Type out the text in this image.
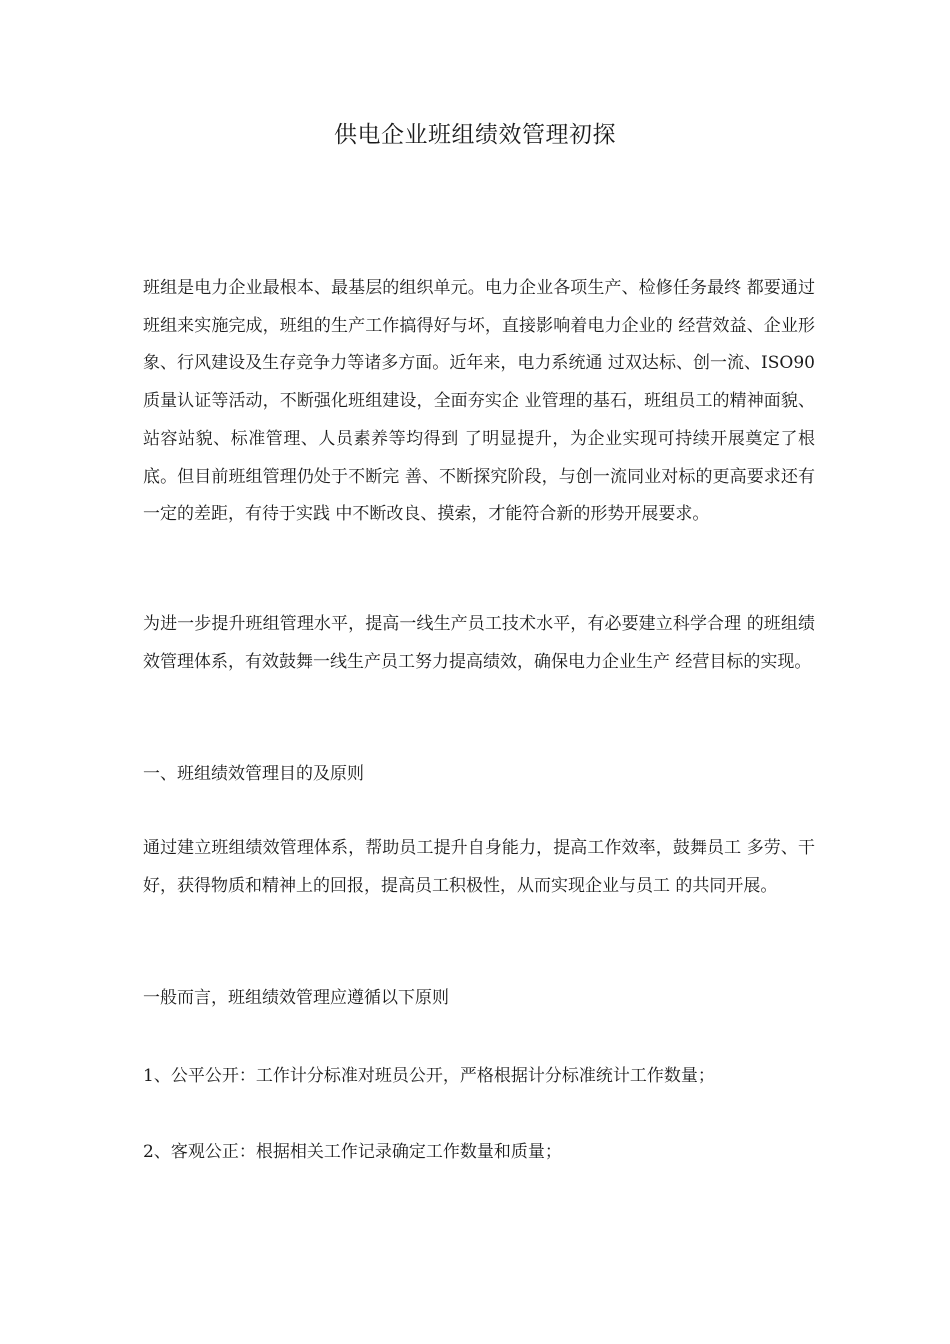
供电企业班组绩效管理初探

班组是电力企业最根本、最基层的组织单元。电力企业各项生产、检修任务最终 都要通过班组来实施完成，班组的生产工作搞得好与坏，直接影响着电力企业的 经营效益、企业形象、行风建设及生存竞争力等诸多方面。近年来，电力系统通 过双达标、创一流、ISO90质量认证等活动，不断强化班组建设，全面夯实企 业管理的基石，班组员工的精神面貌、站容站貌、标准管理、人员素养等均得到 了明显提升，为企业实现可持续开展奠定了根底。但目前班组管理仍处于不断完 善、不断探究阶段，与创一流同业对标的更高要求还有一定的差距，有待于实践 中不断改良、摸索，才能符合新的形势开展要求。

为进一步提升班组管理水平，提高一线生产员工技术水平，有必要建立科学合理 的班组绩效管理体系，有效鼓舞一线生产员工努力提高绩效，确保电力企业生产 经营目标的实现。

一、班组绩效管理目的及原则

通过建立班组绩效管理体系，帮助员工提升自身能力，提高工作效率，鼓舞员工 多劳、干好，获得物质和精神上的回报，提高员工积极性，从而实现企业与员工 的共同开展。

一般而言，班组绩效管理应遵循以下原则

1、公平公开：工作计分标准对班员公开，严格根据计分标准统计工作数量；

2、客观公正：根据相关工作记录确定工作数量和质量；
